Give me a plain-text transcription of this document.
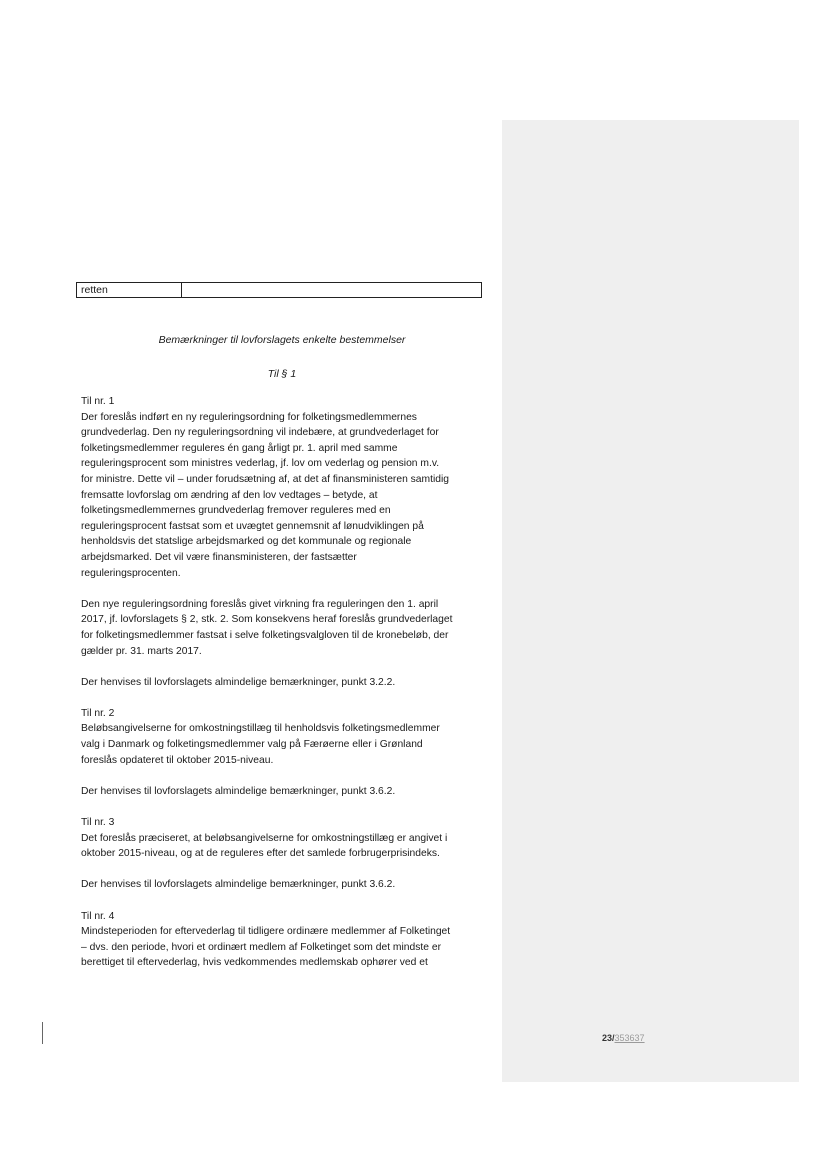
retten
Bemærkninger til lovforslagets enkelte bestemmelser
Til § 1

Til nr. 1

Der foreslås indført en ny reguleringsordning for folketingsmedlemmernes
grundvederlag. Den ny reguleringsordning vil indebære, at grundvederlaget for
folketingsmedlemmer reguleres én gang årligt pr. 1. april med samme
reguleringsprocent som ministres vederlag, jf. lov om vederlag og pension m.v.
for ministre. Dette vil – under forudsætning af, at det af finansministeren samtidig
fremsatte lovforslag om ændring af den lov vedtages – betyde, at
folketingsmedlemmernes grundvederlag fremover reguleres med en
reguleringsprocent fastsat som et uvægtet gennemsnit af lønudviklingen på
henholdsvis det statslige arbejdsmarked og det kommunale og regionale
arbejdsmarked. Det vil være finansministeren, der fastsætter
reguleringsprocenten.

Den nye reguleringsordning foreslås givet virkning fra reguleringen den 1. april
2017, jf. lovforslagets § 2, stk. 2. Som konsekvens heraf foreslås grundvederlaget
for folketingsmedlemmer fastsat i selve folketingsvalgloven til de kronebeløb, der
gælder pr. 31. marts 2017.

Der henvises til lovforslagets almindelige bemærkninger, punkt 3.2.2.

Til nr. 2

Beløbsangivelserne for omkostningstillæg til henholdsvis folketingsmedlemmer
valg i Danmark og folketingsmedlemmer valg på Færøerne eller i Grønland
foreslås opdateret til oktober 2015-niveau.

Der henvises til lovforslagets almindelige bemærkninger, punkt 3.6.2.

Til nr. 3

Det foreslås præciseret, at beløbsangivelserne for omkostningstillæg er angivet i
oktober 2015-niveau, og at de reguleres efter det samlede forbrugerprisindeks.

Der henvises til lovforslagets almindelige bemærkninger, punkt 3.6.2.

Til nr. 4

Mindsteperioden for eftervederlag til tidligere ordinære medlemmer af Folketinget
– dvs. den periode, hvori et ordinært medlem af Folketinget som det mindste er
berettiget til eftervederlag, hvis vedkommendes medlemskab ophører ved et

23/353637
